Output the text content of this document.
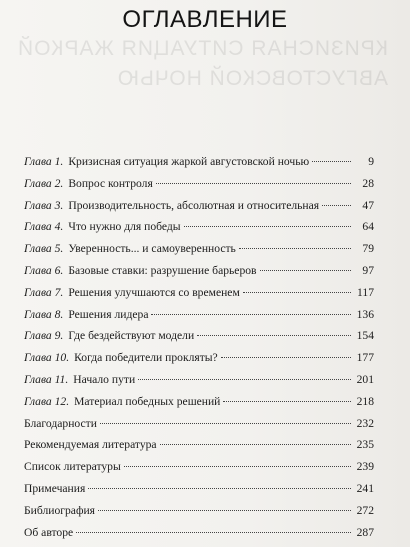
КРИЗИСНАЯ СИТУАЦИЯ ЖАРКОЙ
АВГУСТОВСКОЙ НОЧЬЮ
ОГЛАВЛЕНИЕ
Глава 1. Кризисная ситуация жаркой августовской ночью	9
Глава 2. Вопрос контроля	28
Глава 3. Производительность, абсолютная и относительная	47
Глава 4. Что нужно для победы	64
Глава 5. Уверенность... и самоуверенность	79
Глава 6. Базовые ставки: разрушение барьеров	97
Глава 7. Решения улучшаются со временем	117
Глава 8. Решения лидера	136
Глава 9. Где бездействуют модели	154
Глава 10. Когда победители прокляты?	177
Глава 11. Начало пути	201
Глава 12. Материал победных решений	218
Благодарности	232
Рекомендуемая литература	235
Список литературы	239
Примечания	241
Библиография	272
Об авторе	287
